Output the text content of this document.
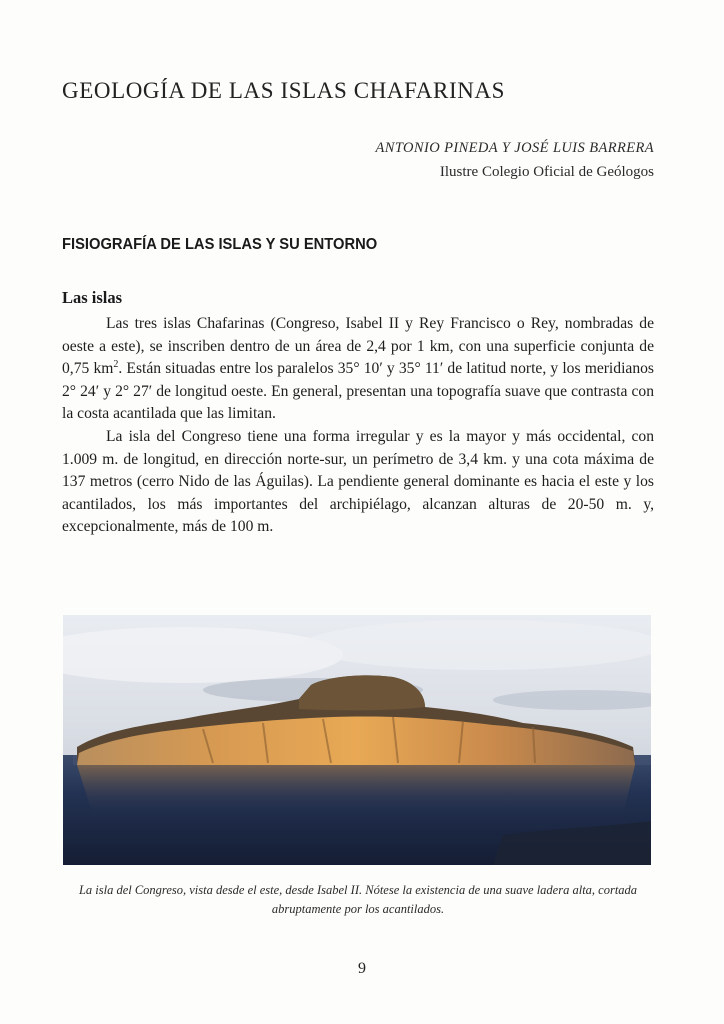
GEOLOGÍA DE LAS ISLAS CHAFARINAS

ANTONIO PINEDA Y JOSÉ LUIS BARRERA

Ilustre Colegio Oficial de Geólogos

FISIOGRAFÍA DE LAS ISLAS Y SU ENTORNO
Las islas

Las tres islas Chafarinas (Congreso, Isabel II y Rey Francisco o Rey, nombradas de oeste a este), se inscriben dentro de un área de 2,4 por 1 km, con una superficie conjunta de 0,75 $km^2$. Están situadas entre los paralelos 35° 10′ y 35° 11′ de latitud norte, y los meridianos 2° 24′ y 2° 27′ de longitud oeste. En general, presentan una topografía suave que contrasta con la costa acantilada que las limitan.

La isla del Congreso tiene una forma irregular y es la mayor y más occidental, con 1.009 m. de longitud, en dirección norte-sur, un perímetro de 3,4 km. y una cota máxima de 137 metros (cerro Nido de las Águilas). La pendiente general dominante es hacia el este y los acantilados, los más importantes del archipiélago, alcanzan alturas de 20-50 m. y, excepcionalmente, más de 100 m.

La isla del Congreso, vista desde el este, desde Isabel II. Nótese la existencia de una suave ladera alta, cortada abruptamente por los acantilados.

9
